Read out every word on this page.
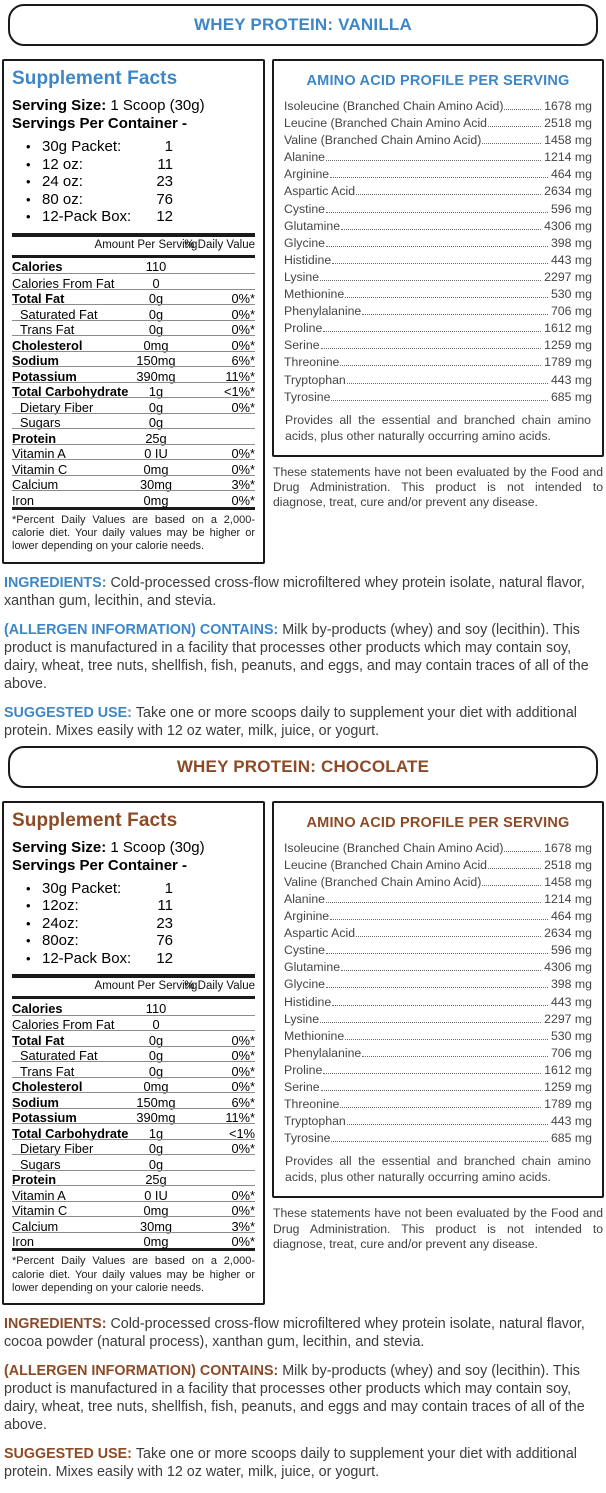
WHEY PROTEIN: VANILLA
Supplement Facts
Serving Size: 1 Scoop (30g)
Servings Per Container -
• 30g Packet:	1
• 12 oz:	11
• 24 oz:	23
• 80 oz:	76
• 12-Pack Box:	12
Amount Per Serving
% Daily Value
Calories	110
Calories From Fat	0
Total Fat	0g	0%*
Saturated Fat	0g	0%*
Trans Fat	0g	0%*
Cholesterol	0mg	0%*
Sodium	150mg	6%*
Potassium	390mg	11%*
Total Carbohydrate	1g	<1%*
Dietary Fiber	0g	0%*
Sugars	0g
Protein	25g
Vitamin A	0 IU	0%*
Vitamin C	0mg	0%*
Calcium	30mg	3%*
Iron	0mg	0%*
*Percent Daily Values are based on a 2,000-calorie diet. Your daily values may be higher or lower depending on your calorie needs.
AMINO ACID PROFILE PER SERVING
Isoleucine (Branched Chain Amino Acid)	1678 mg
Leucine (Branched Chain Amino Acid	2518 mg
Valine (Branched Chain Amino Acid)	1458 mg
Alanine	1214 mg
Arginine	464 mg
Aspartic Acid	2634 mg
Cystine	596 mg
Glutamine	4306 mg
Glycine	398 mg
Histidine	443 mg
Lysine	2297 mg
Methionine	530 mg
Phenylalanine	706 mg
Proline	1612 mg
Serine	1259 mg
Threonine	1789 mg
Tryptophan	443 mg
Tyrosine	685 mg

Provides all the essential and branched chain amino acids, plus other naturally occurring amino acids.

These statements have not been evaluated by the Food and Drug Administration. This product is not intended to diagnose, treat, cure and/or prevent any disease.

INGREDIENTS: Cold-processed cross-flow microfiltered whey protein isolate, natural flavor, xanthan gum, lecithin, and stevia.

(ALLERGEN INFORMATION) CONTAINS: Milk by-products (whey) and soy (lecithin). This product is manufactured in a facility that processes other products which may contain soy, dairy, wheat, tree nuts, shellfish, fish, peanuts, and eggs, and may contain traces of all of the above.

SUGGESTED USE: Take one or more scoops daily to supplement your diet with additional protein. Mixes easily with 12 oz water, milk, juice, or yogurt.

WHEY PROTEIN: CHOCOLATE
Supplement Facts
Serving Size: 1 Scoop (30g)
Servings Per Container -
• 30g Packet:	1
• 12oz:	11
• 24oz:	23
• 80oz:	76
• 12-Pack Box:	12
Amount Per Serving
% Daily Value
Calories	110
Calories From Fat	0
Total Fat	0g	0%*
Saturated Fat	0g	0%*
Trans Fat	0g	0%*
Cholesterol	0mg	0%*
Sodium	150mg	6%*
Potassium	390mg	11%*
Total Carbohydrate	1g	<1%
Dietary Fiber	0g	0%*
Sugars	0g
Protein	25g
Vitamin A	0 IU	0%*
Vitamin C	0mg	0%*
Calcium	30mg	3%*
Iron	0mg	0%*
*Percent Daily Values are based on a 2,000-calorie diet. Your daily values may be higher or lower depending on your calorie needs.
AMINO ACID PROFILE PER SERVING
Isoleucine (Branched Chain Amino Acid)	1678 mg
Leucine (Branched Chain Amino Acid	2518 mg
Valine (Branched Chain Amino Acid)	1458 mg
Alanine	1214 mg
Arginine	464 mg
Aspartic Acid	2634 mg
Cystine	596 mg
Glutamine	4306 mg
Glycine	398 mg
Histidine	443 mg
Lysine	2297 mg
Methionine	530 mg
Phenylalanine	706 mg
Proline	1612 mg
Serine	1259 mg
Threonine	1789 mg
Tryptophan	443 mg
Tyrosine	685 mg

Provides all the essential and branched chain amino acids, plus other naturally occurring amino acids.

These statements have not been evaluated by the Food and Drug Administration. This product is not intended to diagnose, treat, cure and/or prevent any disease.

INGREDIENTS: Cold-processed cross-flow microfiltered whey protein isolate, natural flavor, cocoa powder (natural process), xanthan gum, lecithin, and stevia.

(ALLERGEN INFORMATION) CONTAINS: Milk by-products (whey) and soy (lecithin). This product is manufactured in a facility that processes other products which may contain soy, dairy, wheat, tree nuts, shellfish, fish, peanuts, and eggs and may contain traces of all of the above.

SUGGESTED USE: Take one or more scoops daily to supplement your diet with additional protein. Mixes easily with 12 oz water, milk, juice, or yogurt.
